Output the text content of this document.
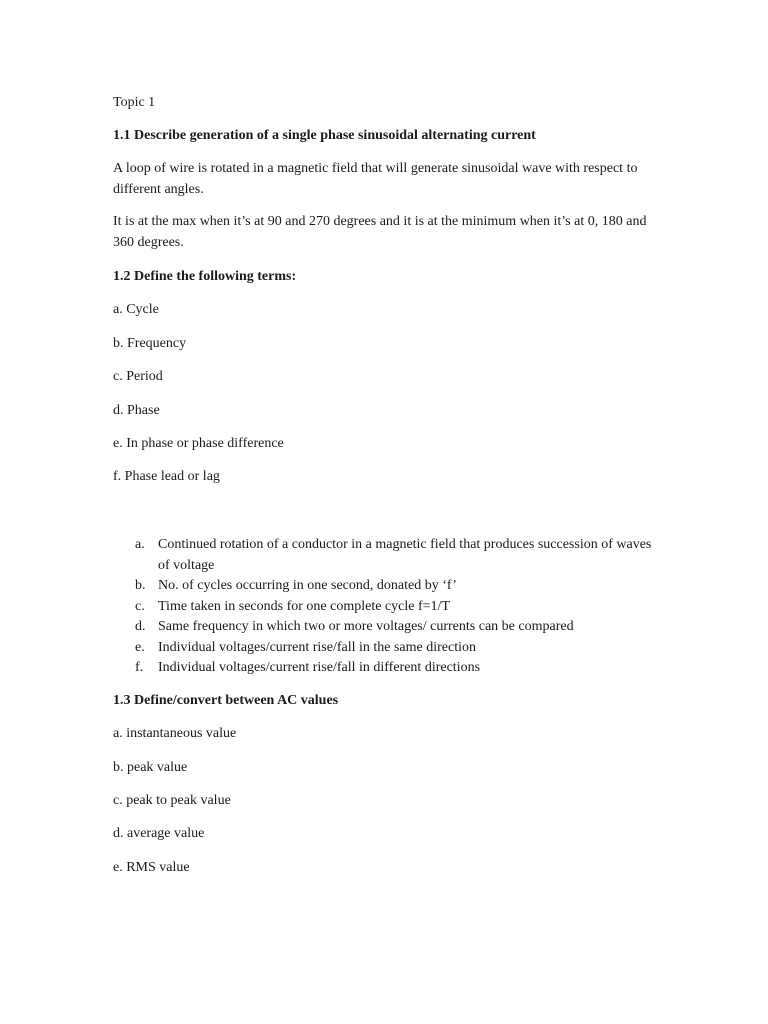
Topic 1
1.1 Describe generation of a single phase sinusoidal alternating current
A loop of wire is rotated in a magnetic field that will generate sinusoidal wave with respect to different angles.
It is at the max when it’s at 90 and 270 degrees and it is at the minimum when it’s at 0, 180 and 360 degrees.
1.2 Define the following terms:
a. Cycle
b. Frequency
c. Period
d. Phase
e. In phase or phase difference
f. Phase lead or lag
a. Continued rotation of a conductor in a magnetic field that produces succession of waves of voltage
b. No. of cycles occurring in one second, donated by ‘f’
c. Time taken in seconds for one complete cycle f=1/T
d. Same frequency in which two or more voltages/ currents can be compared
e. Individual voltages/current rise/fall in the same direction
f. Individual voltages/current rise/fall in different directions
1.3 Define/convert between AC values
a. instantaneous value
b. peak value
c. peak to peak value
d. average value
e. RMS value
